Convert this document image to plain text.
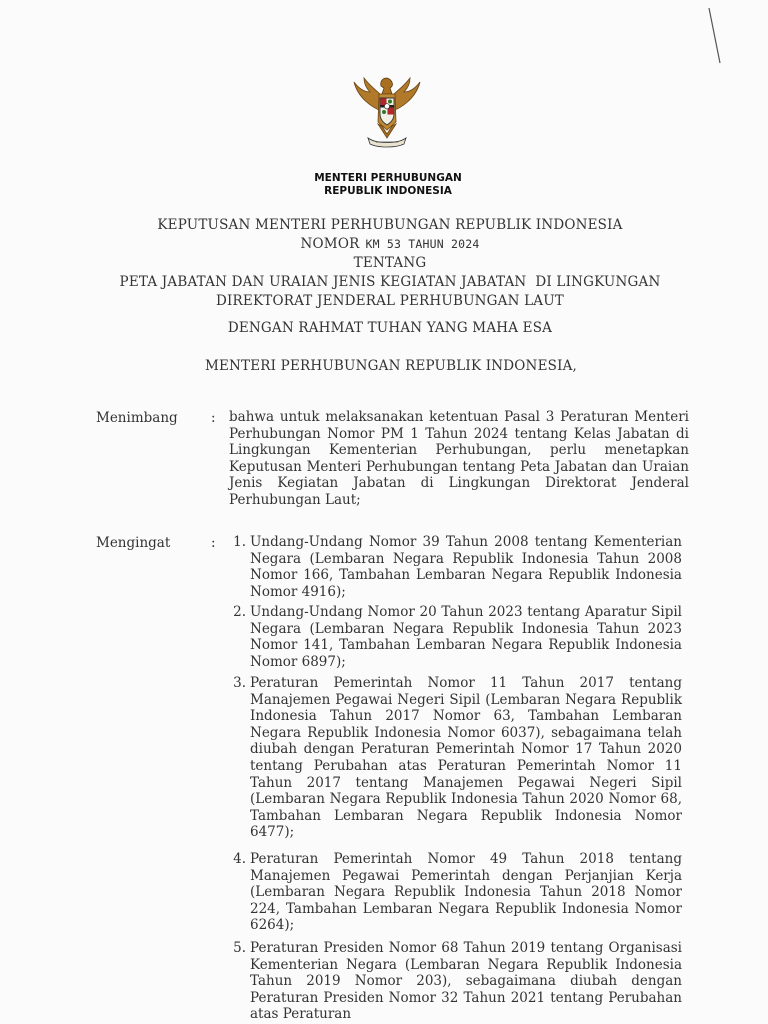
MENTERI PERHUBUNGAN
REPUBLIK INDONESIA
KEPUTUSAN MENTERI PERHUBUNGAN REPUBLIK INDONESIA
NOMOR KM 53 TAHUN 2024
TENTANG
PETA JABATAN DAN URAIAN JENIS KEGIATAN JABATAN  DI LINGKUNGAN
DIREKTORAT JENDERAL PERHUBUNGAN LAUT
DENGAN RAHMAT TUHAN YANG MAHA ESA
MENTERI PERHUBUNGAN REPUBLIK INDONESIA,
Menimbang : bahwa untuk melaksanakan ketentuan Pasal 3 Peraturan Menteri Perhubungan Nomor PM 1 Tahun 2024 tentang Kelas Jabatan di Lingkungan Kementerian Perhubungan, perlu menetapkan Keputusan Menteri Perhubungan tentang Peta Jabatan dan Uraian Jenis Kegiatan Jabatan di Lingkungan Direktorat Jenderal Perhubungan Laut;
Mengingat	:	1. Undang-Undang Nomor 39 Tahun 2008 tentang Kementerian Negara (Lembaran Negara Republik Indonesia Tahun 2008 Nomor 166, Tambahan Lembaran Negara Republik Indonesia Nomor 4916);
2. Undang-Undang Nomor 20 Tahun 2023 tentang Aparatur Sipil Negara (Lembaran Negara Republik Indonesia Tahun 2023 Nomor 141, Tambahan Lembaran Negara Republik Indonesia Nomor 6897);
3. Peraturan Pemerintah Nomor 11 Tahun 2017 tentang Manajemen Pegawai Negeri Sipil (Lembaran Negara Republik Indonesia Tahun 2017 Nomor 63, Tambahan Lembaran Negara Republik Indonesia Nomor 6037), sebagaimana telah diubah dengan Peraturan Pemerintah Nomor 17 Tahun 2020 tentang Perubahan atas Peraturan Pemerintah Nomor 11 Tahun 2017 tentang Manajemen Pegawai Negeri Sipil (Lembaran Negara Republik Indonesia Tahun 2020 Nomor 68, Tambahan Lembaran Negara Republik Indonesia Nomor 6477);
4. Peraturan Pemerintah Nomor 49 Tahun 2018 tentang Manajemen Pegawai Pemerintah dengan Perjanjian Kerja (Lembaran Negara Republik Indonesia Tahun 2018 Nomor 224, Tambahan Lembaran Negara Republik Indonesia Nomor 6264);
5. Peraturan Presiden Nomor 68 Tahun 2019 tentang Organisasi Kementerian Negara (Lembaran Negara Republik Indonesia Tahun 2019 Nomor 203), sebagaimana diubah dengan Peraturan Presiden Nomor 32 Tahun 2021 tentang Perubahan atas Peraturan
